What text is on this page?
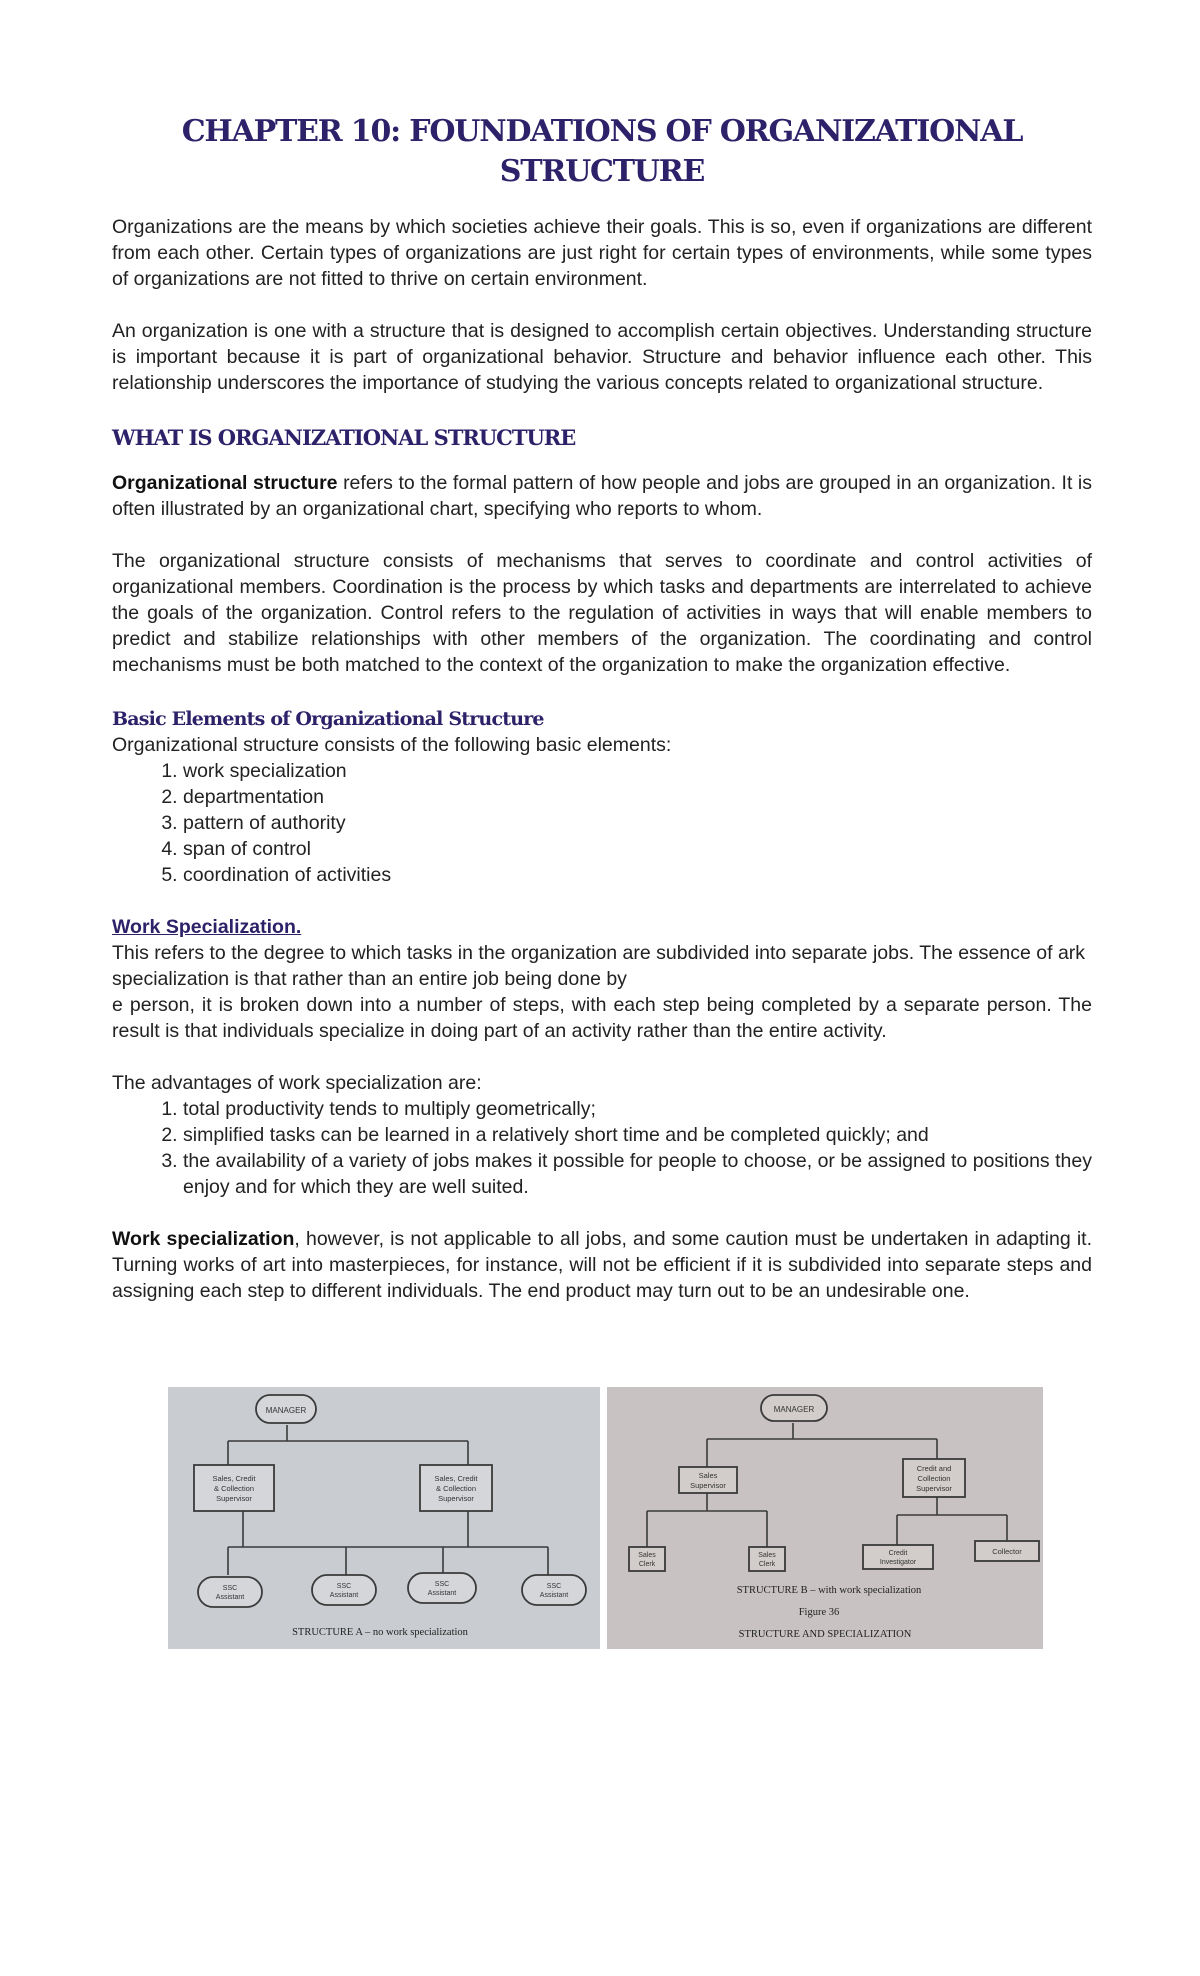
CHAPTER 10: FOUNDATIONS OF ORGANIZATIONAL STRUCTURE

Organizations are the means by which societies achieve their goals. This is so, even if organizations are different from each other. Certain types of organizations are just right for certain types of environments, while some types of organizations are not fitted to thrive on certain environment.

An organization is one with a structure that is designed to accomplish certain objectives. Understanding structure is important because it is part of organizational behavior. Structure and behavior influence each other. This relationship underscores the importance of studying the various concepts related to organizational structure.

WHAT IS ORGANIZATIONAL STRUCTURE

Organizational structure refers to the formal pattern of how people and jobs are grouped in an organization. It is often illustrated by an organizational chart, specifying who reports to whom.

The organizational structure consists of mechanisms that serves to coordinate and control activities of organizational members. Coordination is the process by which tasks and departments are interrelated to achieve the goals of the organization. Control refers to the regulation of activities in ways that will enable members to predict and stabilize relationships with other members of the organization. The coordinating and control mechanisms must be both matched to the context of the organization to make the organization effective.

Basic Elements of Organizational Structure

Organizational structure consists of the following basic elements:

1. work specialization
2. departmentation
3. pattern of authority
4. span of control
5. coordination of activities
Work Specialization.

This refers to the degree to which tasks in the organization are subdivided into separate jobs. The essence of ark specialization is that rather than an entire job being done by

e person, it is broken down into a number of steps, with each step being completed by a separate person. The result is that individuals specialize in doing part of an activity rather than the entire activity.

The advantages of work specialization are:

1. total productivity tends to multiply geometrically;
2. simplified tasks can be learned in a relatively short time and be completed quickly; and
3. the availability of a variety of jobs makes it possible for people to choose, or be assigned to positions they enjoy and for which they are well suited.

Work specialization, however, is not applicable to all jobs, and some caution must be undertaken in adapting it. Turning works of art into masterpieces, for instance, will not be efficient if it is subdivided into separate steps and assigning each step to different individuals. The end product may turn out to be an undesirable one.

MANAGER
Sales, Credit
& Collection
Supervisor
Sales, Credit
& Collection
Supervisor
SSC
Assistant
SSC
Assistant
SSC
Assistant
SSC
Assistant
STRUCTURE A – no work specialization
MANAGER
Sales
Supervisor
Credit and
Collection
Supervisor
Sales
Clerk
Sales
Clerk
Credit
Investigator
Collector
STRUCTURE B – with work specialization
Figure 36
STRUCTURE AND SPECIALIZATION
